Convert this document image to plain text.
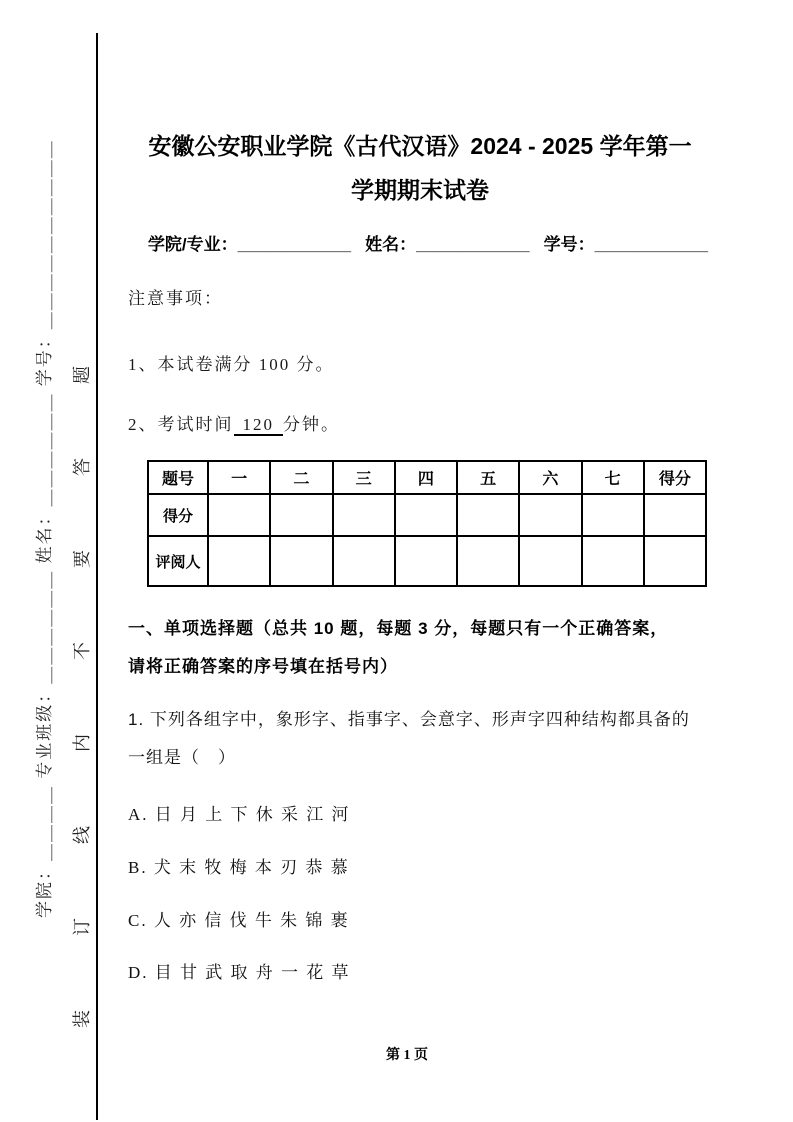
学院：＿＿＿＿ 专业班级：＿＿＿＿＿＿ 姓名：＿＿＿＿＿＿ 学号：＿＿＿＿＿＿＿＿＿＿ 装订线内不要答题
安徽公安职业学院《古代汉语》2024 - 2025 学年第一
学期期末试卷
学院/专业：____________ 姓名：____________ 学号：____________
注意事项：
1、本试卷满分 100 分。
2、考试时间 120 分钟。
题号	一	二	三	四	五	六	七	得分
得分								
评阅人								
一、单项选择题（总共 10 题，每题 3 分，每题只有一个正确答案，
请将正确答案的序号填在括号内）
1. 下列各组字中，象形字、指事字、会意字、形声字四种结构都具备的
一组是（　）
A. 日 月 上 下 休 采 江 河
B. 犬 末 牧 梅 本 刃 恭 慕
C. 人 亦 信 伐 牛 朱 锦 裹
D. 目 甘 武 取 舟 一 花 草
第 1 页
